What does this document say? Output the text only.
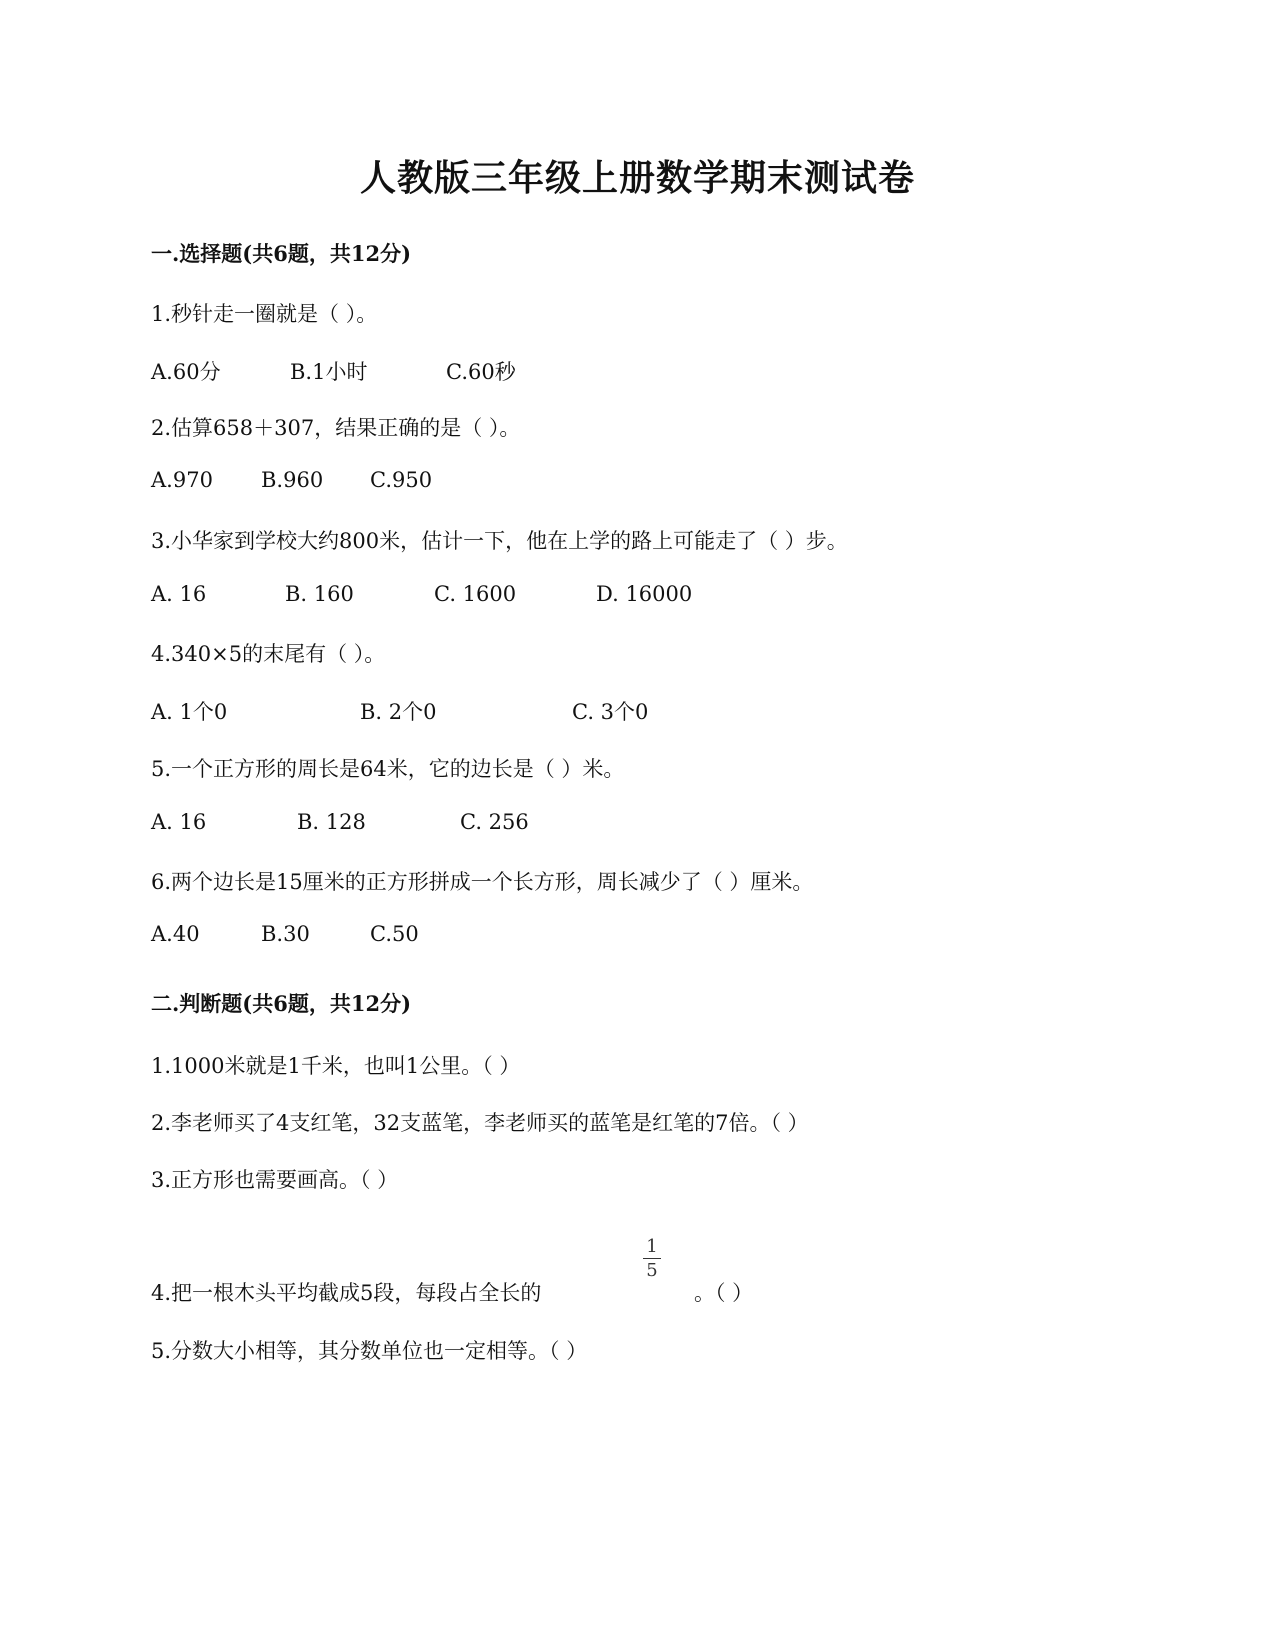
人教版三年级上册数学期末测试卷
一.选择题(共6题，共12分)
1.秒针走一圈就是（ ）。
A.60分	B.1小时	C.60秒
2.估算658＋307，结果正确的是（ ）。
A.970 B.960 C.950
3.小华家到学校大约800米，估计一下，他在上学的路上可能走了（ ）步。
A. 16	B. 160	C. 1600	D. 16000
4.340×5的末尾有（ ）。
A. 1个0	B. 2个0	C. 3个0
5.一个正方形的周长是64米，它的边长是（ ）米。
A. 16	B. 128	C. 256
6.两个边长是15厘米的正方形拼成一个长方形，周长减少了（ ）厘米。
A.40	B.30	C.50
二.判断题(共6题，共12分)
1.1000米就是1千米，也叫1公里。（ ）
2.李老师买了4支红笔，32支蓝笔，李老师买的蓝笔是红笔的7倍。（ ）
3.正方形也需要画高。（ ）
4.把一根木头平均截成5段，每段占全长的
1
5
。（ ）
5.分数大小相等，其分数单位也一定相等。（ ）
